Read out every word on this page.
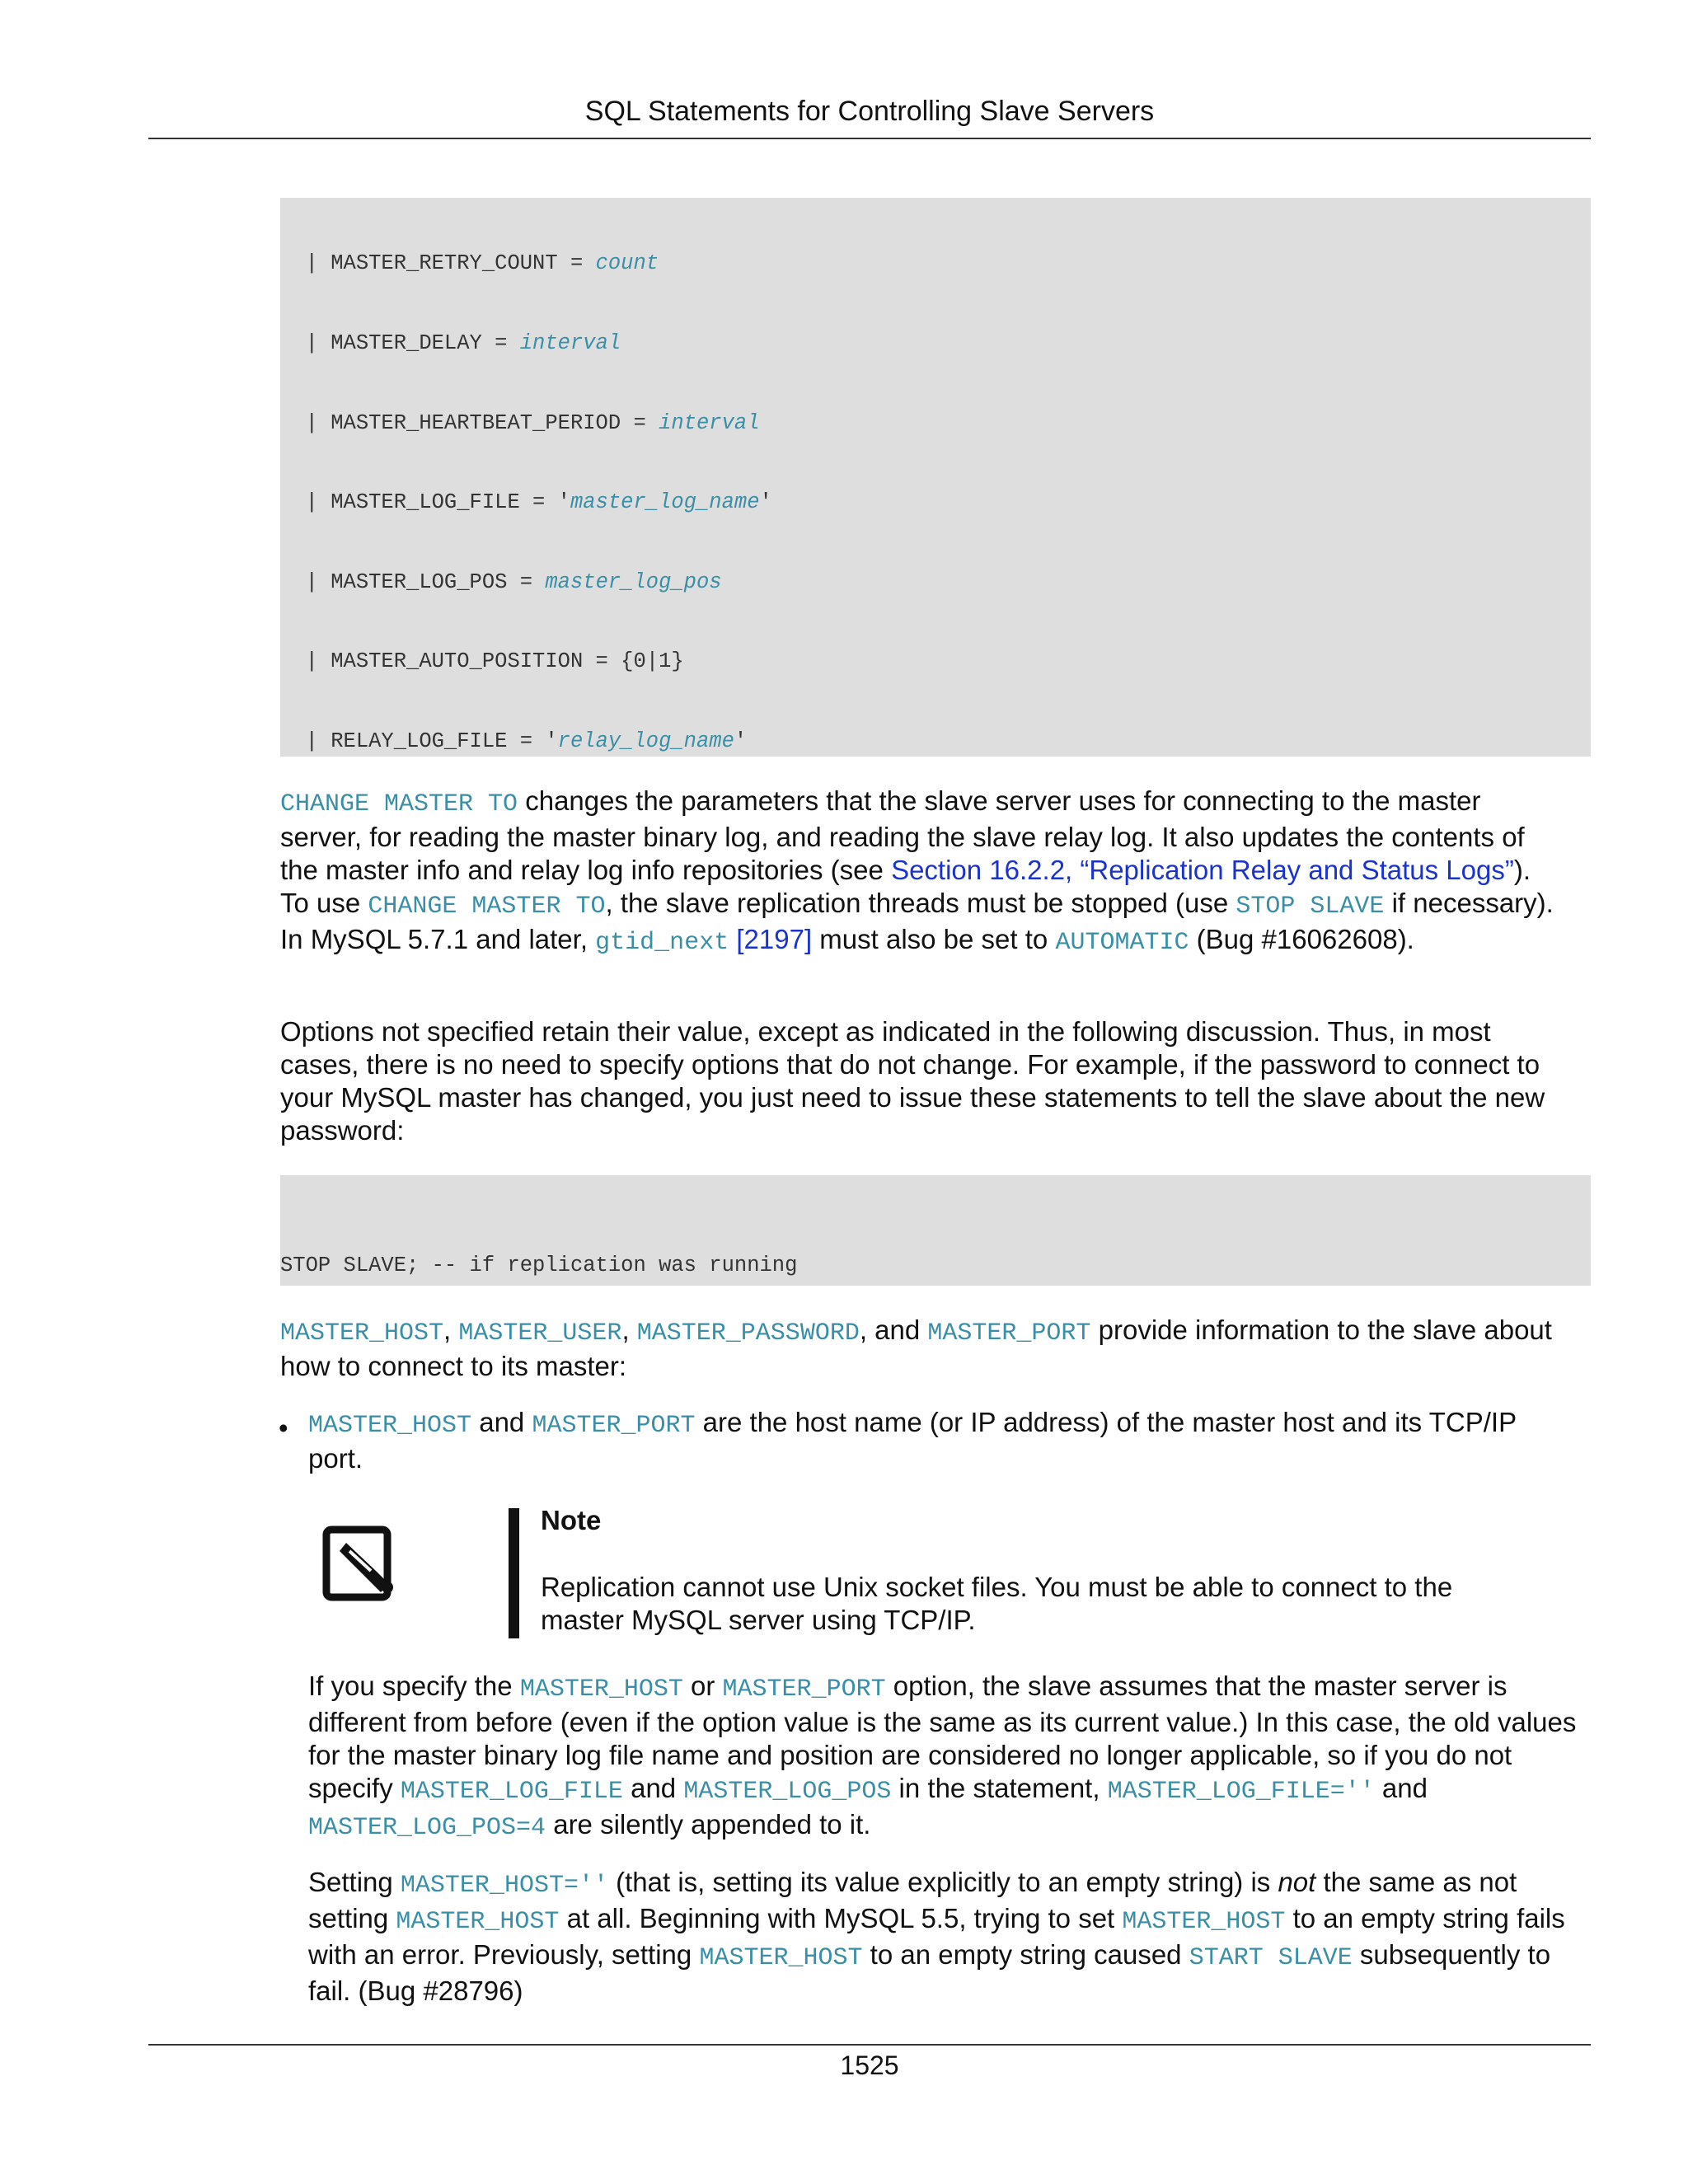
SQL Statements for Controlling Slave Servers

| MASTER_RETRY_COUNT = count

| MASTER_DELAY = interval

| MASTER_HEARTBEAT_PERIOD = interval

| MASTER_LOG_FILE = 'master_log_name'

| MASTER_LOG_POS = master_log_pos

| MASTER_AUTO_POSITION = {0|1}

| RELAY_LOG_FILE = 'relay_log_name'

CHANGE MASTER TO changes the parameters that the slave server uses for connecting to the master server, for reading the master binary log, and reading the slave relay log. It also updates the contents of the master info and relay log info repositories (see Section 16.2.2, “Replication Relay and Status Logs”). To use CHANGE MASTER TO, the slave replication threads must be stopped (use STOP SLAVE if necessary). In MySQL 5.7.1 and later, gtid_next [2197] must also be set to AUTOMATIC (Bug #16062608).

Options not specified retain their value, except as indicated in the following discussion. Thus, in most cases, there is no need to specify options that do not change. For example, if the password to connect to your MySQL master has changed, you just need to issue these statements to tell the slave about the new password:

STOP SLAVE; -- if replication was running

MASTER_HOST, MASTER_USER, MASTER_PASSWORD, and MASTER_PORT provide information to the slave about how to connect to its master:

• MASTER_HOST and MASTER_PORT are the host name (or IP address) of the master host and its TCP/IP port.

Note
Replication cannot use Unix socket files. You must be able to connect to the master MySQL server using TCP/IP.

If you specify the MASTER_HOST or MASTER_PORT option, the slave assumes that the master server is different from before (even if the option value is the same as its current value.) In this case, the old values for the master binary log file name and position are considered no longer applicable, so if you do not specify MASTER_LOG_FILE and MASTER_LOG_POS in the statement, MASTER_LOG_FILE='' and MASTER_LOG_POS=4 are silently appended to it.

Setting MASTER_HOST='' (that is, setting its value explicitly to an empty string) is not the same as not setting MASTER_HOST at all. Beginning with MySQL 5.5, trying to set MASTER_HOST to an empty string fails with an error. Previously, setting MASTER_HOST to an empty string caused START SLAVE subsequently to fail. (Bug #28796)

1525
